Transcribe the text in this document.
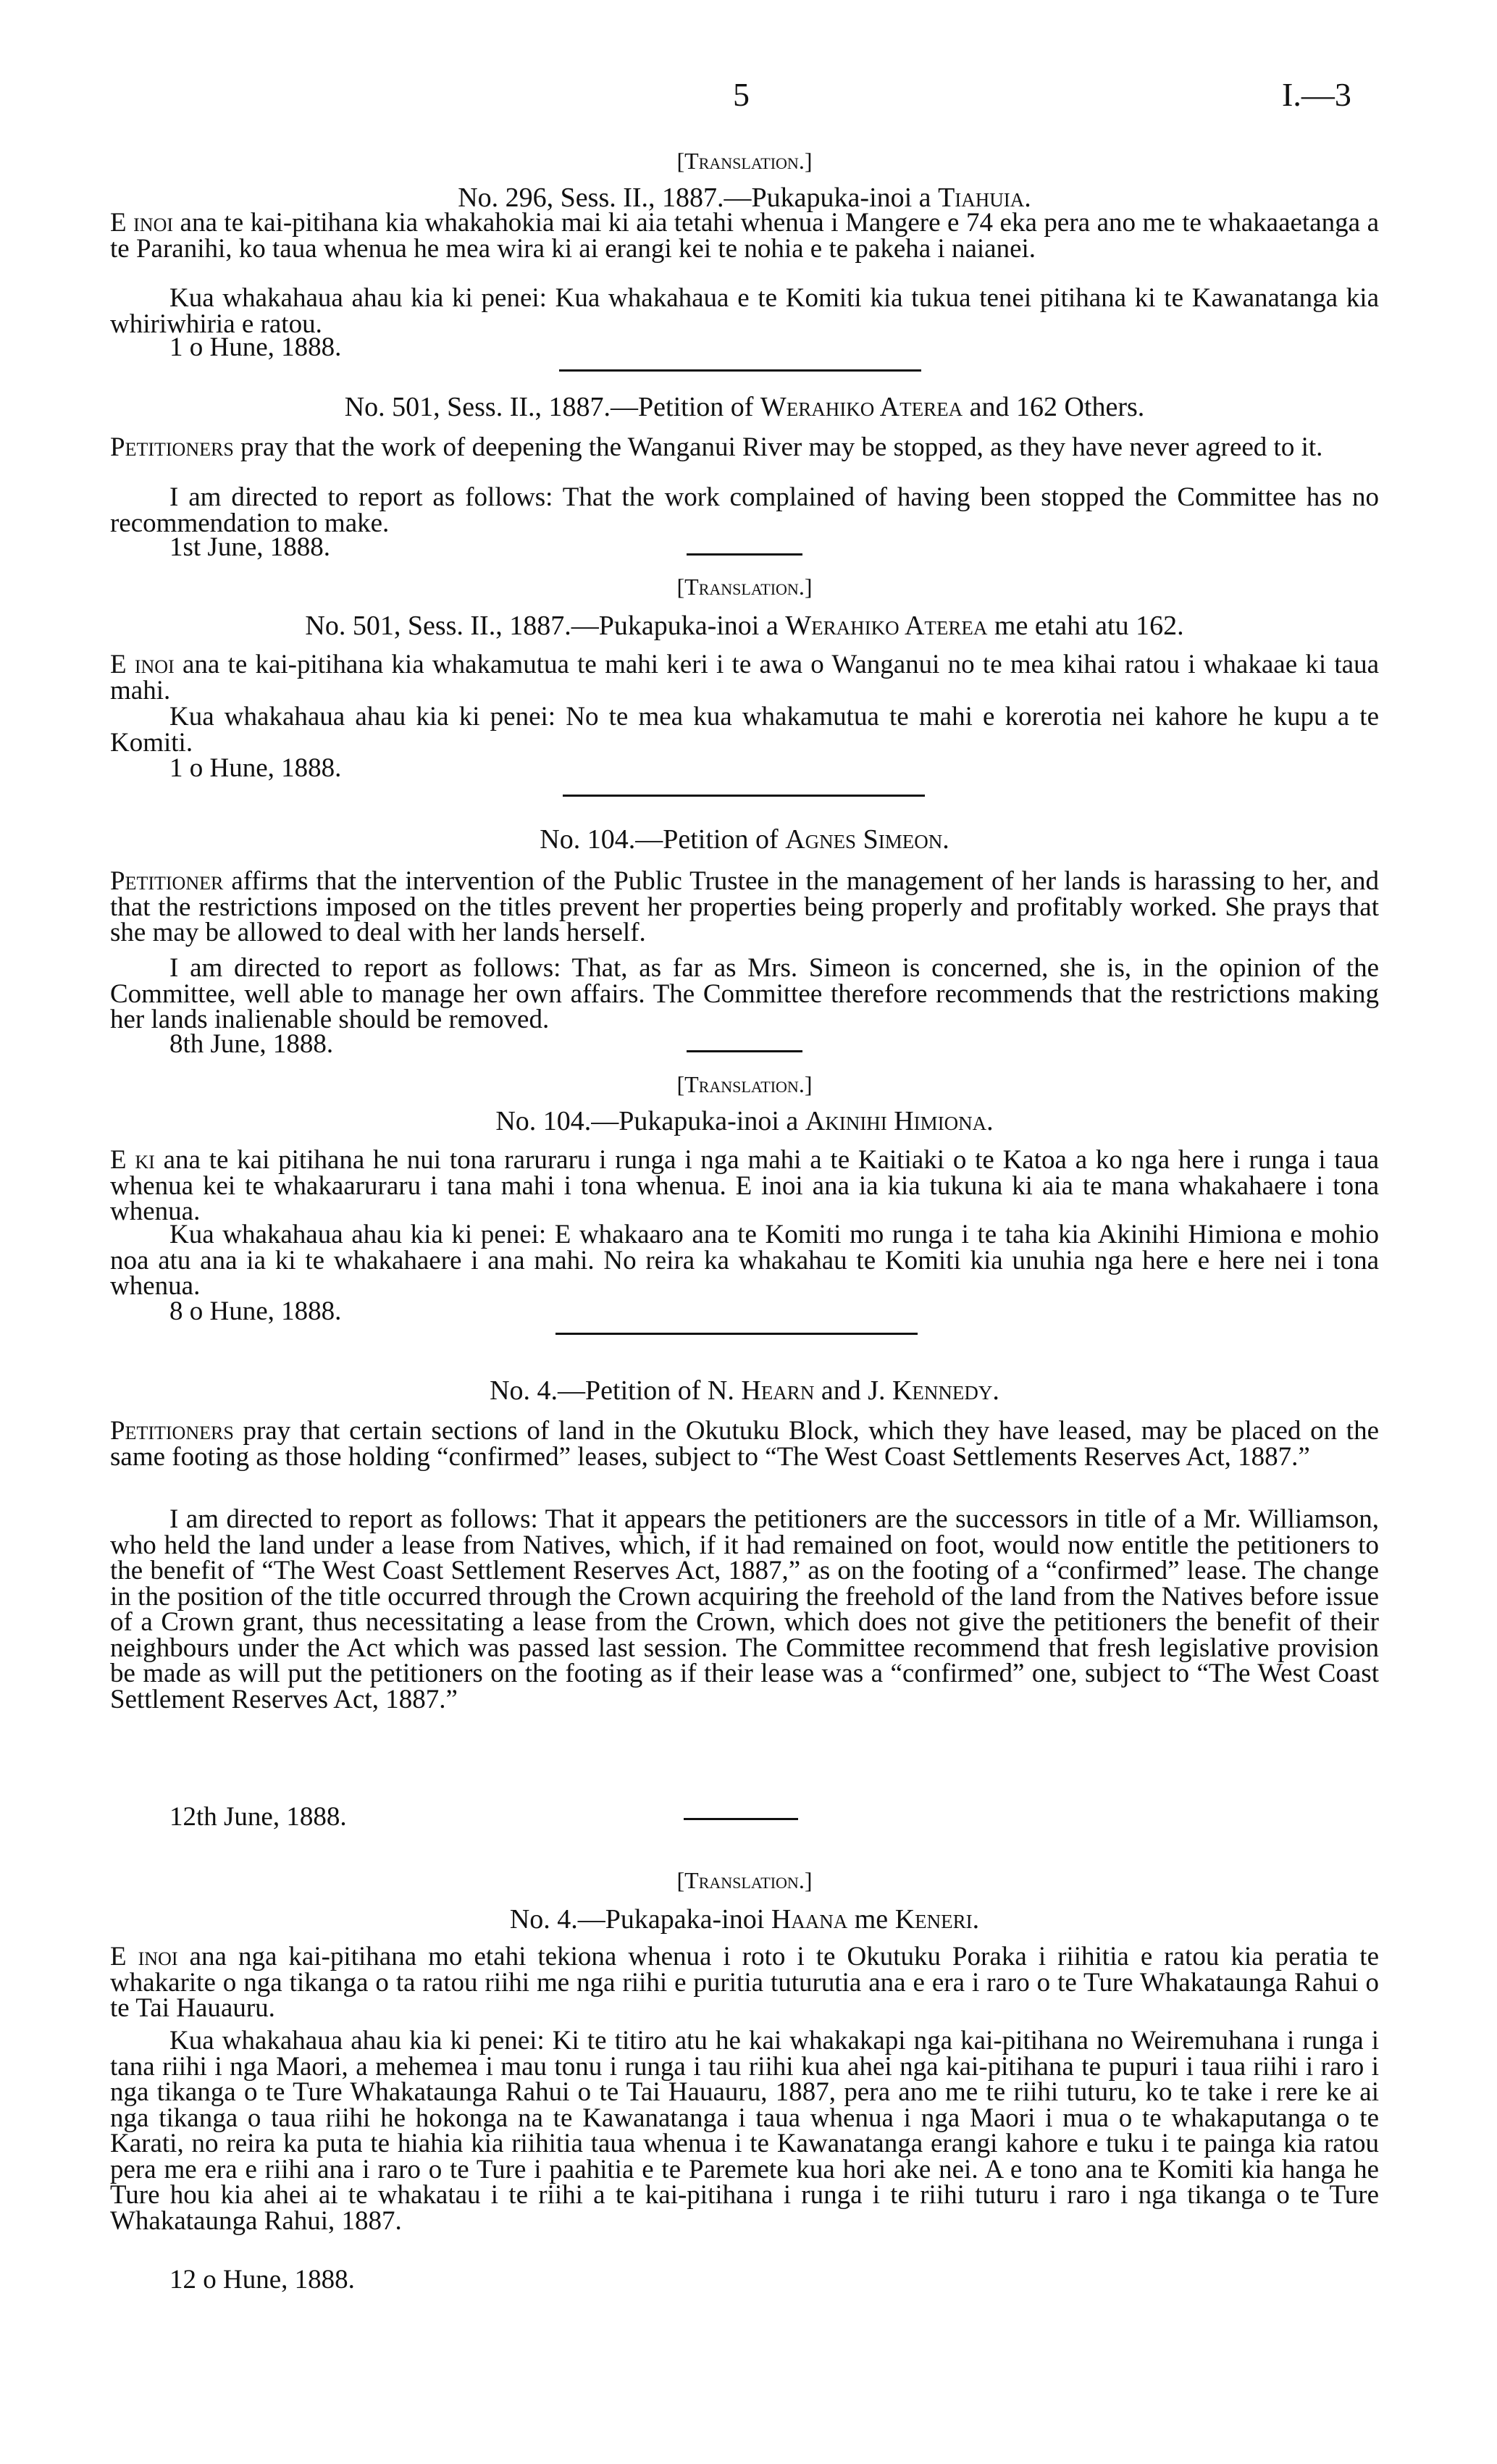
5	I.—3
[Translation.]
No. 296, Sess. II., 1887.—Pukapuka-inoi a Tiahuia.
E inoi ana te kai-pitihana kia whakahokia mai ki aia tetahi whenua i Mangere e 74 eka pera ano me te whakaaetanga a te Paranihi, ko taua whenua he mea wira ki ai erangi kei te nohia e te pakeha i naianei.
Kua whakahaua ahau kia ki penei: Kua whakahaua e te Komiti kia tukua tenei pitihana ki te Kawanatanga kia whiriwhiria e ratou.
1 o Hune, 1888.
No. 501, Sess. II., 1887.—Petition of Werahiko Aterea and 162 Others.
Petitioners pray that the work of deepening the Wanganui River may be stopped, as they have never agreed to it.
I am directed to report as follows: That the work complained of having been stopped the Committee has no recommendation to make.
1st June, 1888.
[Translation.]
No. 501, Sess. II., 1887.—Pukapuka-inoi a Werahiko Aterea me etahi atu 162.
E inoi ana te kai-pitihana kia whakamutua te mahi keri i te awa o Wanganui no te mea kihai ratou i whakaae ki taua mahi.
Kua whakahaua ahau kia ki penei: No te mea kua whakamutua te mahi e korerotia nei kahore he kupu a te Komiti.
1 o Hune, 1888.
No. 104.—Petition of Agnes Simeon.
Petitioner affirms that the intervention of the Public Trustee in the management of her lands is harassing to her, and that the restrictions imposed on the titles prevent her properties being properly and profitably worked. She prays that she may be allowed to deal with her lands herself.
I am directed to report as follows: That, as far as Mrs. Simeon is concerned, she is, in the opinion of the Committee, well able to manage her own affairs. The Committee therefore recommends that the restrictions making her lands inalienable should be removed.
8th June, 1888.
[Translation.]
No. 104.—Pukapuka-inoi a Akinihi Himiona.
E ki ana te kai pitihana he nui tona raruraru i runga i nga mahi a te Kaitiaki o te Katoa a ko nga here i runga i taua whenua kei te whakaaruraru i tana mahi i tona whenua. E inoi ana ia kia tukuna ki aia te mana whakahaere i tona whenua.
Kua whakahaua ahau kia ki penei: E whakaaro ana te Komiti mo runga i te taha kia Akinihi Himiona e mohio noa atu ana ia ki te whakahaere i ana mahi. No reira ka whakahau te Komiti kia unuhia nga here e here nei i tona whenua.
8 o Hune, 1888.
No. 4.—Petition of N. Hearn and J. Kennedy.
Petitioners pray that certain sections of land in the Okutuku Block, which they have leased, may be placed on the same footing as those holding “confirmed” leases, subject to “The West Coast Settlements Reserves Act, 1887.”
I am directed to report as follows: That it appears the petitioners are the successors in title of a Mr. Williamson, who held the land under a lease from Natives, which, if it had remained on foot, would now entitle the petitioners to the benefit of “The West Coast Settlement Reserves Act, 1887,” as on the footing of a “confirmed” lease. The change in the position of the title occurred through the Crown acquiring the freehold of the land from the Natives before issue of a Crown grant, thus necessitating a lease from the Crown, which does not give the petitioners the benefit of their neighbours under the Act which was passed last session. The Committee recommend that fresh legislative provision be made as will put the petitioners on the footing as if their lease was a “confirmed” one, subject to “The West Coast Settlement Reserves Act, 1887.”
12th June, 1888.
[Translation.]
No. 4.—Pukapaka-inoi Haana me Keneri.
E inoi ana nga kai-pitihana mo etahi tekiona whenua i roto i te Okutuku Poraka i riihitia e ratou kia peratia te whakarite o nga tikanga o ta ratou riihi me nga riihi e puritia tuturutia ana e era i raro o te Ture Whakataunga Rahui o te Tai Hauauru.
Kua whakahaua ahau kia ki penei: Ki te titiro atu he kai whakakapi nga kai-pitihana no Weiremuhana i runga i tana riihi i nga Maori, a mehemea i mau tonu i runga i tau riihi kua ahei nga kai-pitihana te pupuri i taua riihi i raro i nga tikanga o te Ture Whakataunga Rahui o te Tai Hauauru, 1887, pera ano me te riihi tuturu, ko te take i rere ke ai nga tikanga o taua riihi he hokonga na te Kawanatanga i taua whenua i nga Maori i mua o te whakaputanga o te Karati, no reira ka puta te hiahia kia riihitia taua whenua i te Kawanatanga erangi kahore e tuku i te painga kia ratou pera me era e riihi ana i raro o te Ture i paahitia e te Paremete kua hori ake nei. A e tono ana te Komiti kia hanga he Ture hou kia ahei ai te whakatau i te riihi a te kai-pitihana i runga i te riihi tuturu i raro i nga tikanga o te Ture Whakataunga Rahui, 1887.
12 o Hune, 1888.
